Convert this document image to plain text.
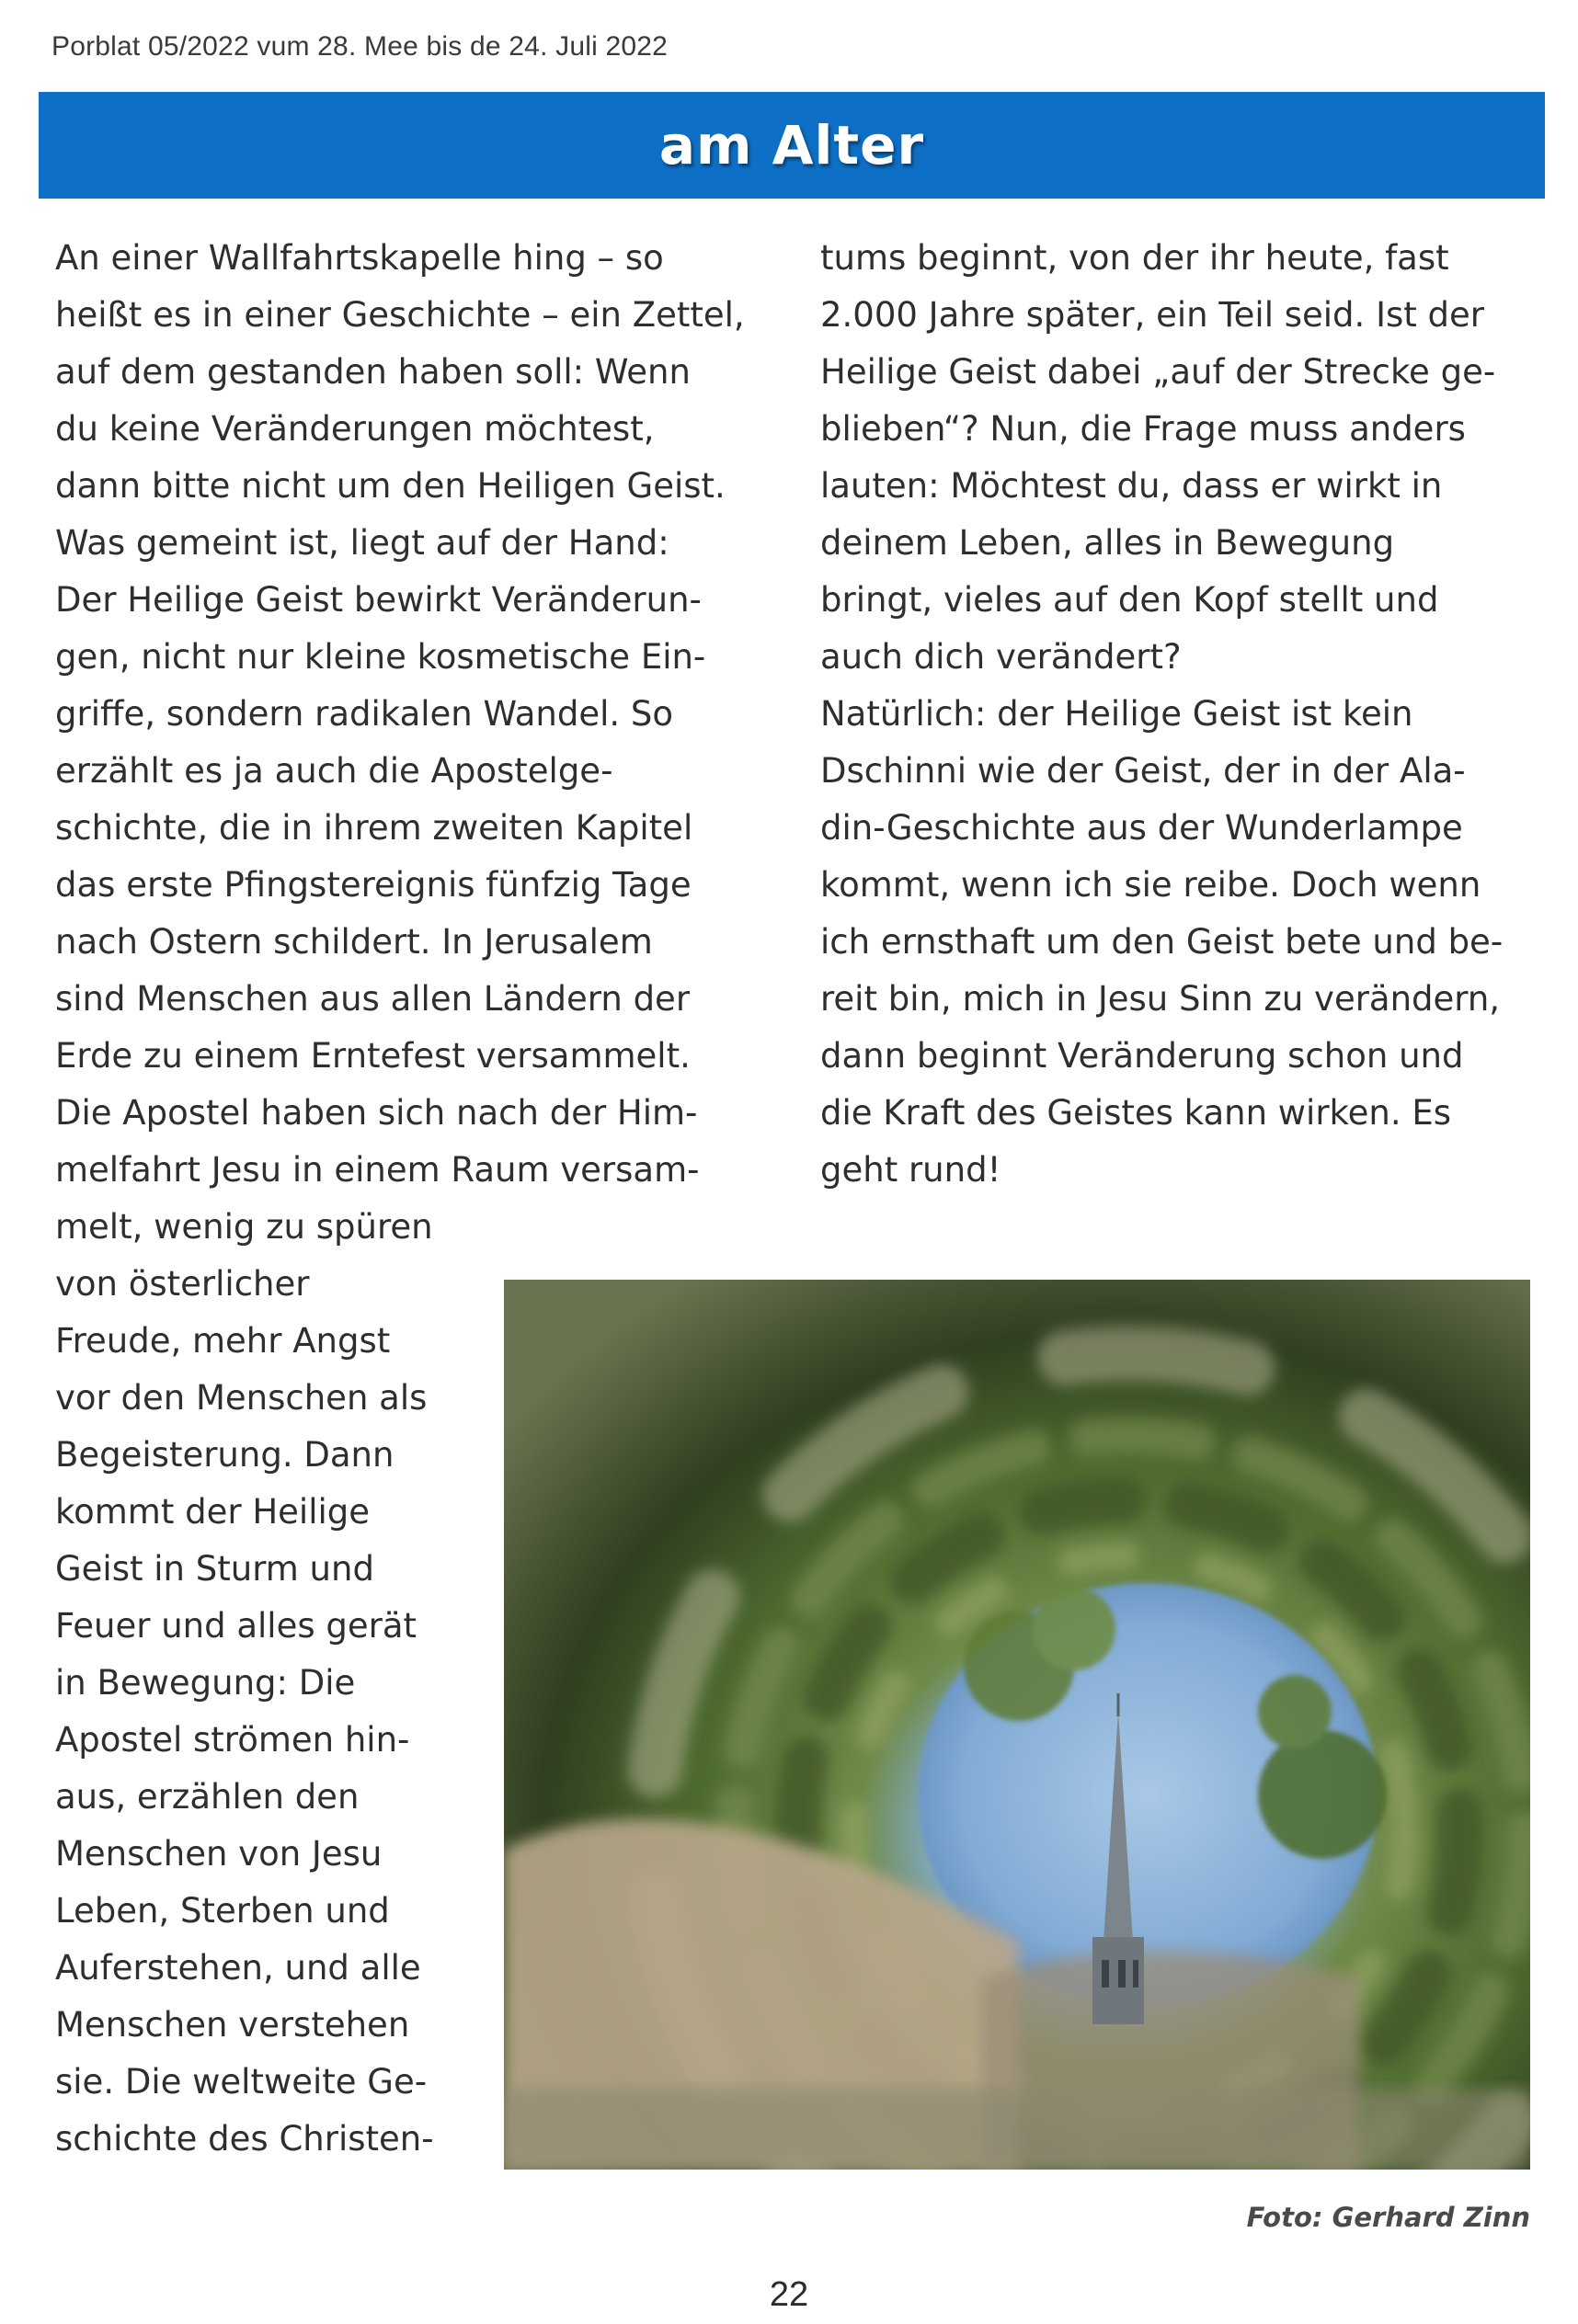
Porblat 05/2022 vum 28. Mee bis de 24. Juli 2022
am Alter
An einer Wallfahrtskapelle hing – so
heißt es in einer Geschichte – ein Zettel,
auf dem gestanden haben soll: Wenn
du keine Veränderungen möchtest,
dann bitte nicht um den Heiligen Geist.
Was gemeint ist, liegt auf der Hand:
Der Heilige Geist bewirkt Veränderun-
gen, nicht nur kleine kosmetische Ein-
griffe, sondern radikalen Wandel. So
erzählt es ja auch die Apostelge-
schichte, die in ihrem zweiten Kapitel
das erste Pfingstereignis fünfzig Tage
nach Ostern schildert. In Jerusalem
sind Menschen aus allen Ländern der
Erde zu einem Erntefest versammelt.
Die Apostel haben sich nach der Him-
melfahrt Jesu in einem Raum versam-
melt, wenig zu spüren
von österlicher
Freude, mehr Angst
vor den Menschen als
Begeisterung. Dann
kommt der Heilige
Geist in Sturm und
Feuer und alles gerät
in Bewegung: Die
Apostel strömen hin-
aus, erzählen den
Menschen von Jesu
Leben, Sterben und
Auferstehen, und alle
Menschen verstehen
sie. Die weltweite Ge-
schichte des Christen-
tums beginnt, von der ihr heute, fast
2.000 Jahre später, ein Teil seid. Ist der
Heilige Geist dabei „auf der Strecke ge-
blieben“? Nun, die Frage muss anders
lauten: Möchtest du, dass er wirkt in
deinem Leben, alles in Bewegung
bringt, vieles auf den Kopf stellt und
auch dich verändert?
Natürlich: der Heilige Geist ist kein
Dschinni wie der Geist, der in der Ala-
din-Geschichte aus der Wunderlampe
kommt, wenn ich sie reibe. Doch wenn
ich ernsthaft um den Geist bete und be-
reit bin, mich in Jesu Sinn zu verändern,
dann beginnt Veränderung schon und
die Kraft des Geistes kann wirken. Es
geht rund!
Foto: Gerhard Zinn
22
